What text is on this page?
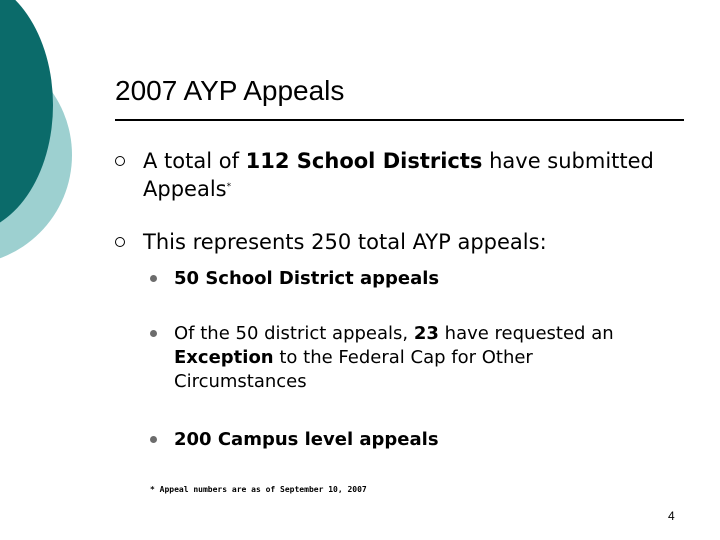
2007 AYP Appeals
A total of 112 School Districts have submitted Appeals*
This represents 250 total AYP appeals:
50 School District appeals
Of the 50 district appeals, 23 have requested an Exception to the Federal Cap for Other Circumstances
200 Campus level appeals
* Appeal numbers are as of September 10, 2007
4
